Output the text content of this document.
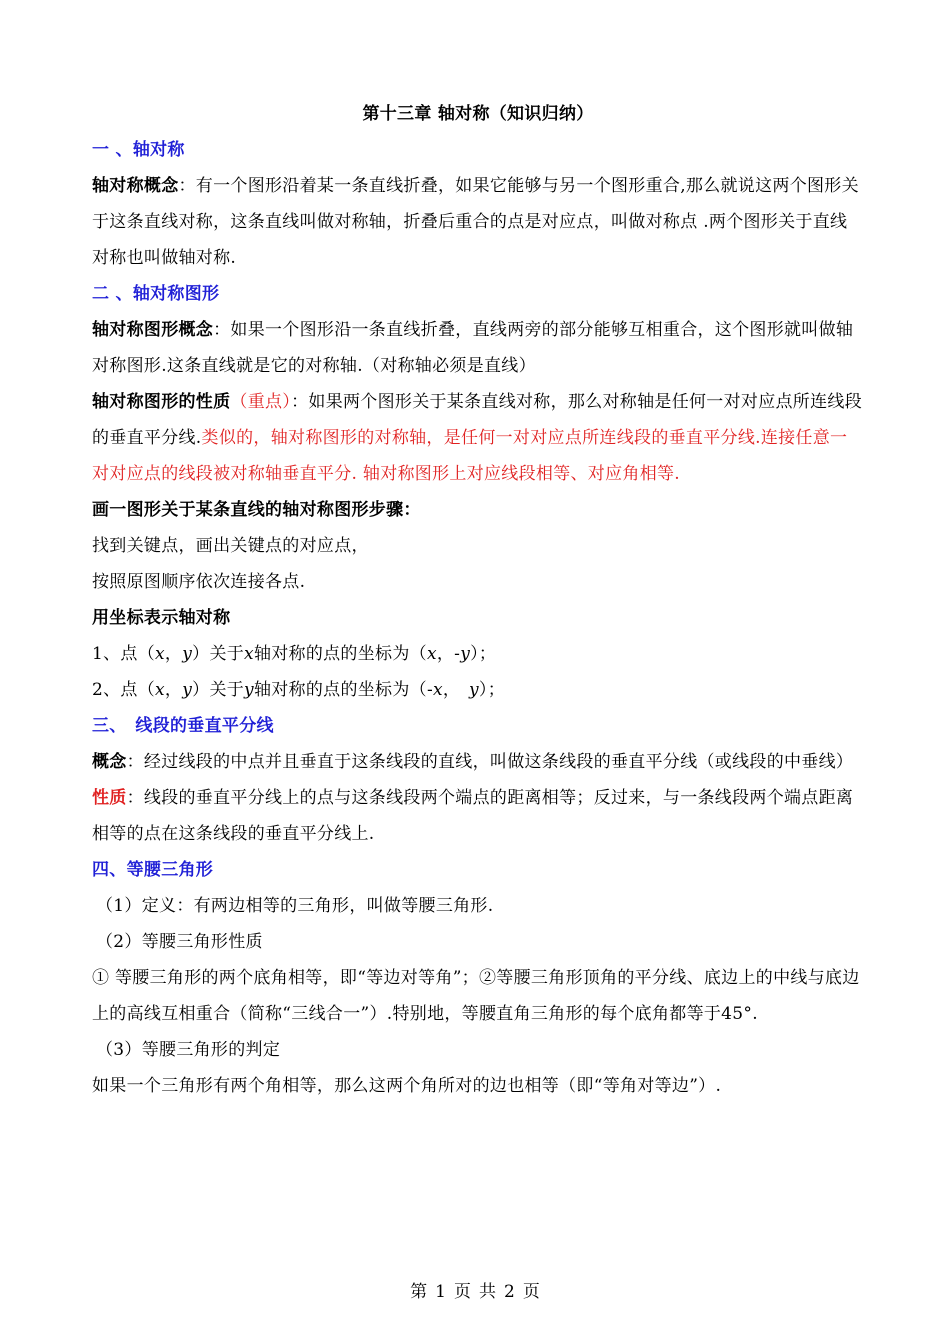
第十三章 轴对称（知识归纳）

一 、轴对称

轴对称概念：有一个图形沿着某一条直线折叠，如果它能够与另一个图形重合,那么就说这两个图形关于这条直线对称，这条直线叫做对称轴，折叠后重合的点是对应点，叫做对称点 .两个图形关于直线对称也叫做轴对称.

二 、轴对称图形

轴对称图形概念：如果一个图形沿一条直线折叠，直线两旁的部分能够互相重合，这个图形就叫做轴对称图形.这条直线就是它的对称轴.（对称轴必须是直线）

轴对称图形的性质（重点）：如果两个图形关于某条直线对称，那么对称轴是任何一对对应点所连线段的垂直平分线.类似的，轴对称图形的对称轴，是任何一对对应点所连线段的垂直平分线.连接任意一对对应点的线段被对称轴垂直平分. 轴对称图形上对应线段相等、对应角相等.

画一图形关于某条直线的轴对称图形步骤：

找到关键点，画出关键点的对应点，

按照原图顺序依次连接各点.

用坐标表示轴对称

1、点（x，y）关于x轴对称的点的坐标为（x，-y）；

2、点（x，y）关于y轴对称的点的坐标为（-x，　y）；

三、　线段的垂直平分线

概念：经过线段的中点并且垂直于这条线段的直线，叫做这条线段的垂直平分线（或线段的中垂线）

性质：线段的垂直平分线上的点与这条线段两个端点的距离相等；反过来，与一条线段两个端点距离相等的点在这条线段的垂直平分线上.

四、等腰三角形

（1）定义：有两边相等的三角形，叫做等腰三角形.

（2）等腰三角形性质

① 等腰三角形的两个底角相等，即“等边对等角”；②等腰三角形顶角的平分线、底边上的中线与底边上的高线互相重合（简称“三线合一”）.特别地，等腰直角三角形的每个底角都等于45°.

（3）等腰三角形的判定

如果一个三角形有两个角相等，那么这两个角所对的边也相等（即“等角对等边”）.

第 1 页 共 2 页
